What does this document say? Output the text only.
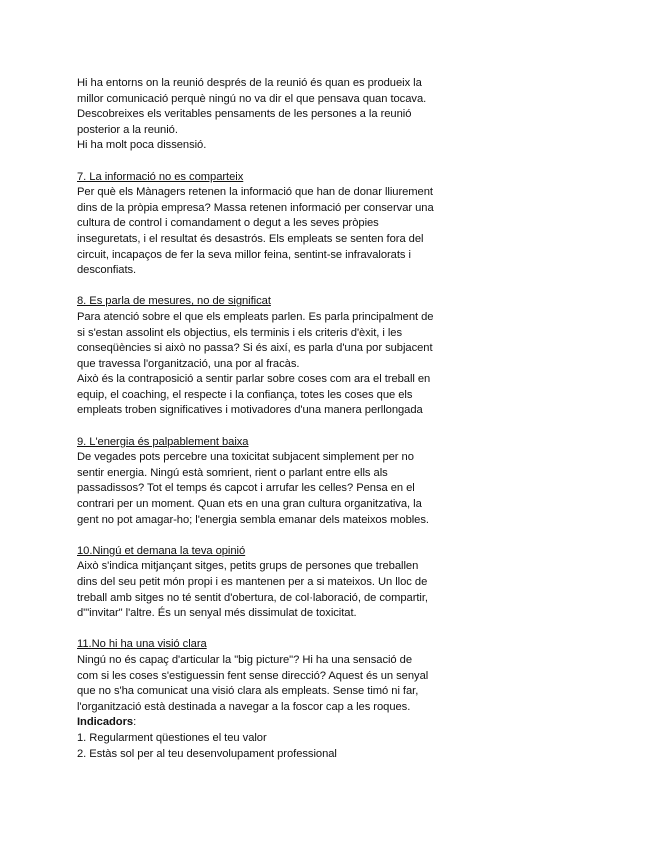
Hi ha entorns on la reunió després de la reunió és quan es produeix la
millor comunicació perquè ningú no va dir el que pensava quan tocava.
Descobreixes els veritables pensaments de les persones a la reunió
posterior a la reunió.
Hi ha molt poca dissensió.
7. La informació no es comparteix
Per què els Mànagers retenen la informació que han de donar lliurement
dins de la pròpia empresa? Massa retenen informació per conservar una
cultura de control i comandament o degut a les seves pròpies
inseguretats, i el resultat és desastrós. Els empleats se senten fora del
circuit, incapaços de fer la seva millor feina, sentint-se infravalorats i
desconfiats.
8. Es parla de mesures, no de significat
Para atenció sobre el que els empleats parlen. Es parla principalment de
si s'estan assolint els objectius, els terminis i els criteris d'èxit, i les
conseqüències si això no passa? Si és així, es parla d'una por subjacent
que travessa l'organització, una por al fracàs.
Això és la contraposició a sentir parlar sobre coses com ara el treball en
equip, el coaching, el respecte i la confiança, totes les coses que els
empleats troben significatives i motivadores d'una manera perllongada
9. L'energia és palpablement baixa
De vegades pots percebre una toxicitat subjacent simplement per no
sentir energia. Ningú està somrient, rient o parlant entre ells als
passadissos? Tot el temps és capcot i arrufar les celles? Pensa en el
contrari per un moment. Quan ets en una gran cultura organitzativa, la
gent no pot amagar-ho; l'energia sembla emanar dels mateixos mobles.
10.Ningú et demana la teva opinió
Això s'indica mitjançant sitges, petits grups de persones que treballen
dins del seu petit món propi i es mantenen per a si mateixos. Un lloc de
treball amb sitges no té sentit d'obertura, de col·laboració, de compartir,
d'"invitar" l'altre. És un senyal més dissimulat de toxicitat.
11.No hi ha una visió clara
Ningú no és capaç d'articular la "big picture"? Hi ha una sensació de
com si les coses s'estiguessin fent sense direcció? Aquest és un senyal
que no s'ha comunicat una visió clara als empleats. Sense timó ni far,
l'organització està destinada a navegar a la foscor cap a les roques.
Indicadors:
1. Regularment qüestiones el teu valor
2. Estàs sol per al teu desenvolupament professional
